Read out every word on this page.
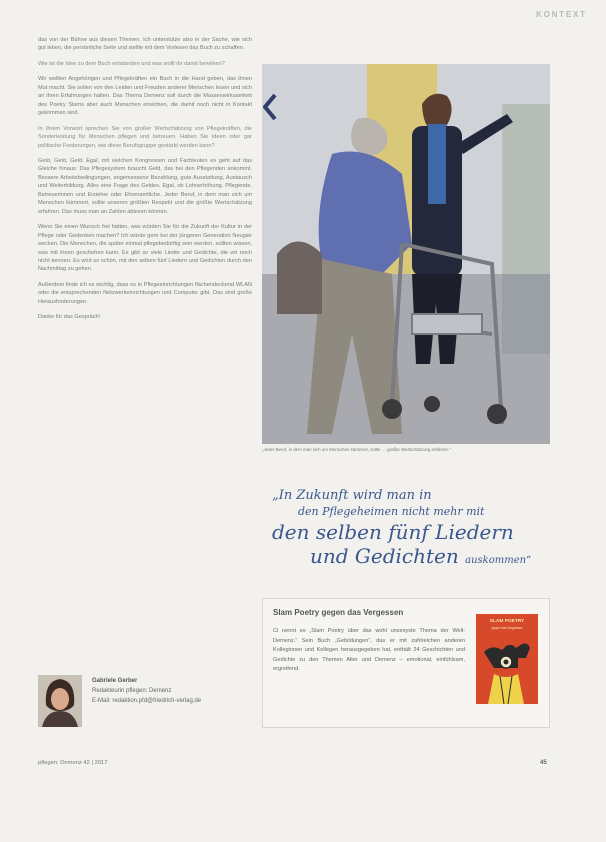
KONTEXT

das von der Bühne aus diesen Themen. Ich unterstütze also in der Sache, wie sich gut leben, die persönliche Seite und stellte mit dem Vorlesen das Buch zu schaffen.

Wie ist die Idee zu dem Buch entstanden und was wollt ihr damit bewirken?

Wir wollten Angehörigen und Pflegekräften ein Buch in die Hand geben, das ihnen Mut macht. Sie sollen von den Leiden und Freuden anderer Menschen lesen und sich an ihren Erfahrungen halten. Das Thema Demenz soll durch die Massenwirksamkeit des Poetry Slams aber auch Menschen erreichen, die damit noch nicht in Kontakt gekommen sind.

In Ihrem Vorwort sprechen Sie von großer Wertschätzung von Pflegekräften, die Sonderleistung für Menschen pflegen und betreuen. Haben Sie Ideen oder gar politische Forderungen, wie diese Berufsgruppe gestärkt werden kann?

Geld, Geld, Geld. Egal, mit welchen Kongressen und Fachleuten es geht auf das Gleiche hinaus: Das Pflegesystem braucht Geld, das bei den Pflegenden ankommt. Bessere Arbeitsbedingungen, angemessene Bezahlung, gute Ausstattung, Austausch und Weiterbildung. Alles eine Frage des Geldes. Egal, ob Lohnerhöhung, Pflegende, Betreuerinnen und Erzieher oder Ehrenamtliche. Jeder Beruf, in dem man sich um Menschen kümmert, sollte unseren größten Respekt und die größte Wertschätzung erfahren. Das muss man an Zahlen ablesen können.

Wenn Sie einen Wunsch frei hätten, was würden Sie für die Zukunft der Kultur in der Pflege oder Gedenken machen? Ich würde gern bei der jüngeren Generation Neugier wecken. Die Menschen, die später einmal pflegebedürftig sein werden, sollten wissen, was mit ihnen geschehen kann. Es gibt so viele Lieder und Gedichte, die wir noch nicht kennen. Es wird so schön, mit den selben fünf Liedern und Gedichten durch den Nachmittag zu gehen.

Außerdem finde ich es wichtig, dass es in Pflegeeinrichtungen flächendeckend WLAN oder die entsprechenden Netzwerkeinrichtungen und Computer gibt. Das sind große Herausforderungen.

Danke für das Gespräch!

„Jeder Beruf, in dem man sich um Menschen kümmert, sollte … größte Wertschätzung erfahren.“
„In Zukunft wird man in
den Pflegeheimen nicht mehr mit
den selben fünf Liedern
und Gedichten auskommen“
Slam Poetry gegen das Vergessen
Ci nennt es „Slam Poetry über das wohl unsexyste Thema der Welt: Demenz.“ Sein Buch „Gebildungen“, das er mit zahlreichen anderen Kolleginnen und Kollegen herausgegeben hat, enthält 24 Geschichten und Gedichte zu den Themen Alter und Demenz – emotional, einfühlsam, ergreifend.
SLAM POETRY
gegen das Vergessen
Gabriele Gerber
Redakteurin pflegen: Demenz
E-Mail: redaktion.pfd@friedrich-verlag.de
pflegen: Demenz 42 | 2017	45
